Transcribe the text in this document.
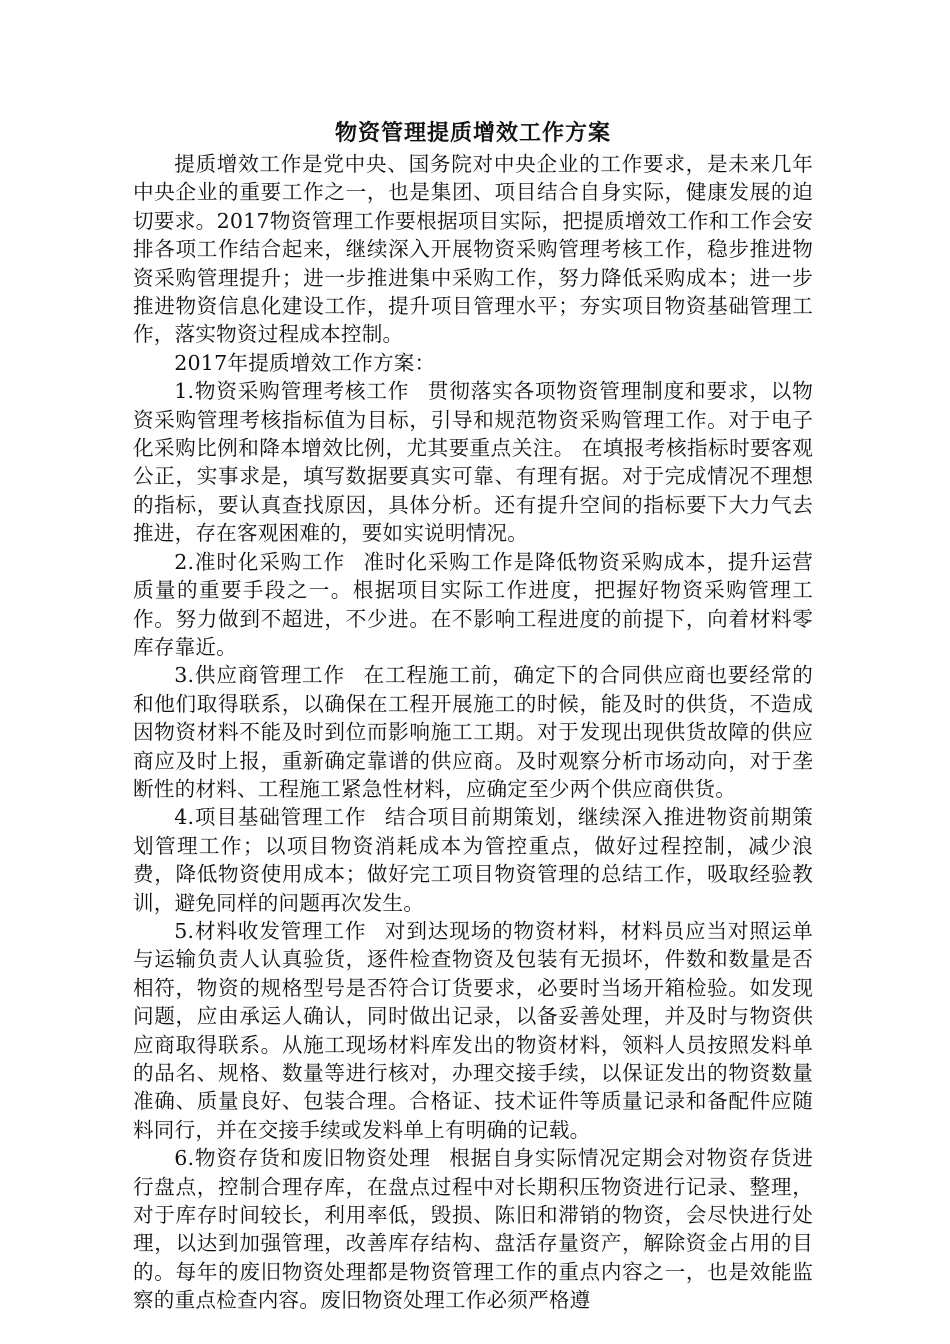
物资管理提质增效工作方案

提质增效工作是党中央、国务院对中央企业的工作要求，是未来几年中央企业的重要工作之一，也是集团、项目结合自身实际，健康发展的迫切要求。2017物资管理工作要根据项目实际，把提质增效工作和工作会安排各项工作结合起来，继续深入开展物资采购管理考核工作，稳步推进物资采购管理提升；进一步推进集中采购工作，努力降低采购成本；进一步推进物资信息化建设工作，提升项目管理水平；夯实项目物资基础管理工作，落实物资过程成本控制。

2017年提质增效工作方案：

1.物资采购管理考核工作 贯彻落实各项物资管理制度和要求，以物资采购管理考核指标值为目标，引导和规范物资采购管理工作。对于电子化采购比例和降本增效比例，尤其要重点关注。 在填报考核指标时要客观公正，实事求是，填写数据要真实可靠、有理有据。对于完成情况不理想的指标，要认真查找原因，具体分析。还有提升空间的指标要下大力气去推进，存在客观困难的，要如实说明情况。

2.准时化采购工作 准时化采购工作是降低物资采购成本，提升运营质量的重要手段之一。根据项目实际工作进度，把握好物资采购管理工作。努力做到不超进，不少进。在不影响工程进度的前提下，向着材料零库存靠近。

3.供应商管理工作 在工程施工前，确定下的合同供应商也要经常的和他们取得联系，以确保在工程开展施工的时候，能及时的供货，不造成因物资材料不能及时到位而影响施工工期。对于发现出现供货故障的供应商应及时上报，重新确定靠谱的供应商。及时观察分析市场动向，对于垄断性的材料、工程施工紧急性材料，应确定至少两个供应商供货。

4.项目基础管理工作 结合项目前期策划，继续深入推进物资前期策划管理工作；以项目物资消耗成本为管控重点，做好过程控制，减少浪费，降低物资使用成本；做好完工项目物资管理的总结工作，吸取经验教训，避免同样的问题再次发生。

5.材料收发管理工作 对到达现场的物资材料，材料员应当对照运单与运输负责人认真验货，逐件检查物资及包装有无损坏，件数和数量是否相符，物资的规格型号是否符合订货要求，必要时当场开箱检验。如发现问题，应由承运人确认，同时做出记录，以备妥善处理，并及时与物资供应商取得联系。从施工现场材料库发出的物资材料，领料人员按照发料单的品名、规格、数量等进行核对，办理交接手续，以保证发出的物资数量准确、质量良好、包装合理。合格证、技术证件等质量记录和备配件应随料同行，并在交接手续或发料单上有明确的记载。

6.物资存货和废旧物资处理 根据自身实际情况定期会对物资存货进行盘点，控制合理存库，在盘点过程中对长期积压物资进行记录、整理，对于库存时间较长，利用率低，毁损、陈旧和滞销的物资，会尽快进行处理，以达到加强管理，改善库存结构、盘活存量资产，解除资金占用的目的。每年的废旧物资处理都是物资管理工作的重点内容之一，也是效能监察的重点检查内容。废旧物资处理工作必须严格遵
